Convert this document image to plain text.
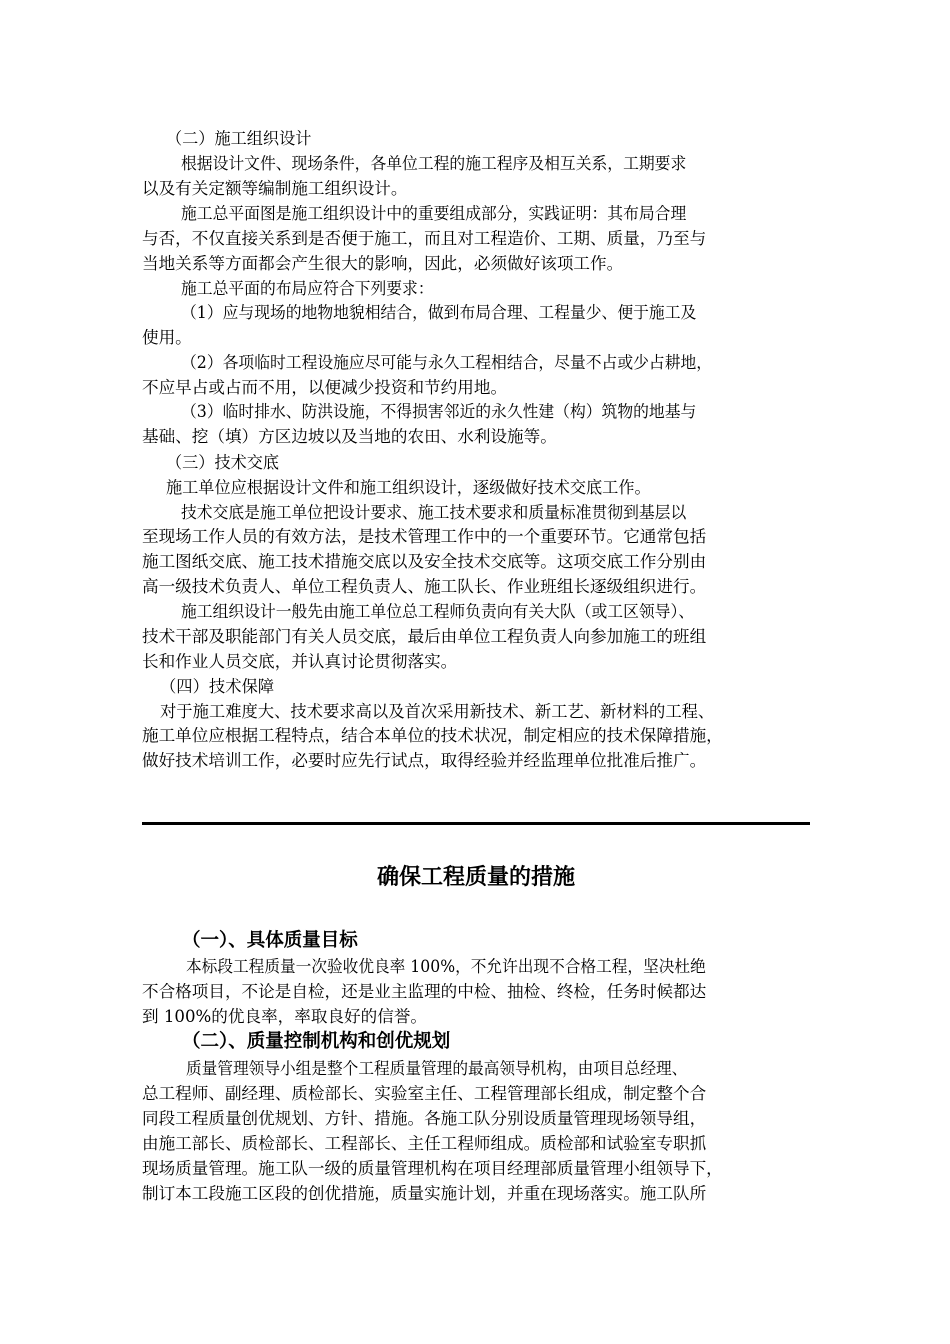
（二）施工组织设计
根据设计文件、现场条件，各单位工程的施工程序及相互关系，工期要求
以及有关定额等编制施工组织设计。
施工总平面图是施工组织设计中的重要组成部分，实践证明：其布局合理
与否，不仅直接关系到是否便于施工，而且对工程造价、工期、质量，乃至与
当地关系等方面都会产生很大的影响，因此，必须做好该项工作。
施工总平面的布局应符合下列要求：
（1）应与现场的地物地貌相结合，做到布局合理、工程量少、便于施工及
使用。
（2）各项临时工程设施应尽可能与永久工程相结合，尽量不占或少占耕地，
不应早占或占而不用，以便减少投资和节约用地。
（3）临时排水、防洪设施，不得损害邻近的永久性建（构）筑物的地基与
基础、挖（填）方区边坡以及当地的农田、水利设施等。
（三）技术交底
施工单位应根据设计文件和施工组织设计，逐级做好技术交底工作。
技术交底是施工单位把设计要求、施工技术要求和质量标准贯彻到基层以
至现场工作人员的有效方法，是技术管理工作中的一个重要环节。它通常包括
施工图纸交底、施工技术措施交底以及安全技术交底等。这项交底工作分别由
高一级技术负责人、单位工程负责人、施工队长、作业班组长逐级组织进行。
施工组织设计一般先由施工单位总工程师负责向有关大队（或工区领导）、
技术干部及职能部门有关人员交底，最后由单位工程负责人向参加施工的班组
长和作业人员交底，并认真讨论贯彻落实。
（四）技术保障
对于施工难度大、技术要求高以及首次采用新技术、新工艺、新材料的工程、
施工单位应根据工程特点，结合本单位的技术状况，制定相应的技术保障措施，
做好技术培训工作，必要时应先行试点，取得经验并经监理单位批准后推广。
确保工程质量的措施
（一）、具体质量目标
本标段工程质量一次验收优良率 100%，不允许出现不合格工程，坚决杜绝
不合格项目，不论是自检，还是业主监理的中检、抽检、终检，任务时候都达
到 100%的优良率，率取良好的信誉。
（二）、质量控制机构和创优规划
质量管理领导小组是整个工程质量管理的最高领导机构，由项目总经理、
总工程师、副经理、质检部长、实验室主任、工程管理部长组成，制定整个合
同段工程质量创优规划、方针、措施。各施工队分别设质量管理现场领导组，
由施工部长、质检部长、工程部长、主任工程师组成。质检部和试验室专职抓
现场质量管理。施工队一级的质量管理机构在项目经理部质量管理小组领导下，
制订本工段施工区段的创优措施，质量实施计划，并重在现场落实。施工队所
